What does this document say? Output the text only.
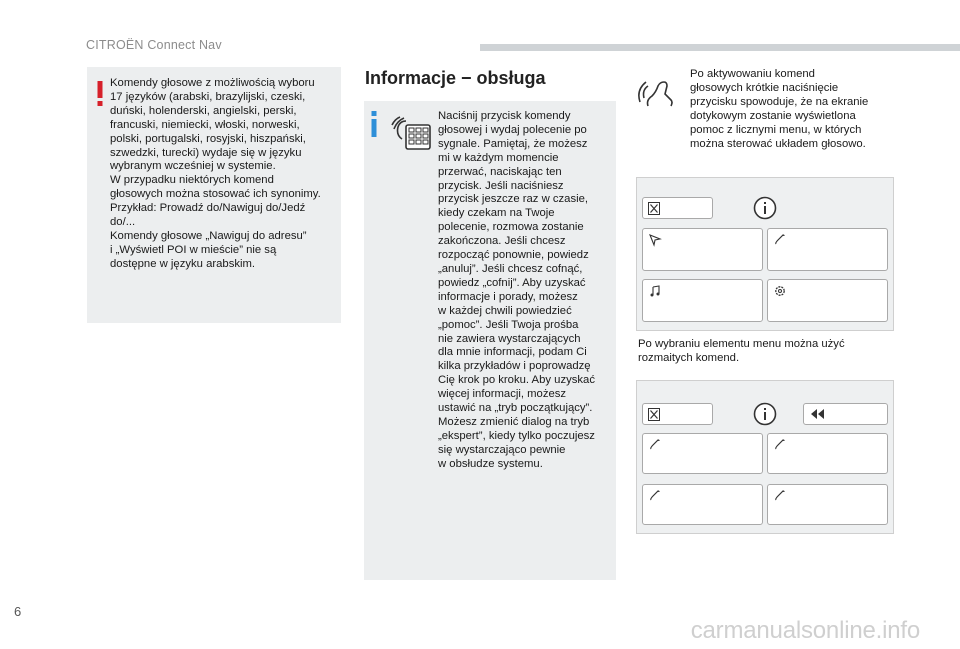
CITROËN Connect Nav
Komendy głosowe z możliwością wyboru
17 języków (arabski, brazylijski, czeski,
duński, holenderski, angielski, perski,
francuski, niemiecki, włoski, norweski,
polski, portugalski, rosyjski, hiszpański,
szwedzki, turecki) wydaje się w języku
wybranym wcześniej w systemie.
W przypadku niektórych komend
głosowych można stosować ich synonimy.
Przykład: Prowadź do/Nawiguj do/Jedź
do/...
Komendy głosowe „Nawiguj do adresu”
i „Wyświetl POI w mieście” nie są
dostępne w języku arabskim.
Informacje − obsługa
Naciśnij przycisk komendy
głosowej i wydaj polecenie po
sygnale. Pamiętaj, że możesz
mi w każdym momencie
przerwać, naciskając ten
przycisk. Jeśli naciśniesz
przycisk jeszcze raz w czasie,
kiedy czekam na Twoje
polecenie, rozmowa zostanie
zakończona. Jeśli chcesz
rozpocząć ponownie, powiedz
„anuluj”. Jeśli chcesz cofnąć,
powiedz „cofnij”. Aby uzyskać
informacje i porady, możesz
w każdej chwili powiedzieć
„pomoc”. Jeśli Twoja prośba
nie zawiera wystarczających
dla mnie informacji, podam Ci
kilka przykładów i poprowadzę
Cię krok po kroku. Aby uzyskać
więcej informacji, możesz
ustawić na „tryb początkujący”.
Możesz zmienić dialog na tryb
„ekspert”, kiedy tylko poczujesz
się wystarczająco pewnie
w obsłudze systemu.
Po aktywowaniu komend
głosowych krótkie naciśnięcie
przycisku spowoduje, że na ekranie
dotykowym zostanie wyświetlona
pomoc z licznymi menu, w których
można sterować układem głosowo.
Po wybraniu elementu menu można użyć
rozmaitych komend.
6
carmanualsonline.info
